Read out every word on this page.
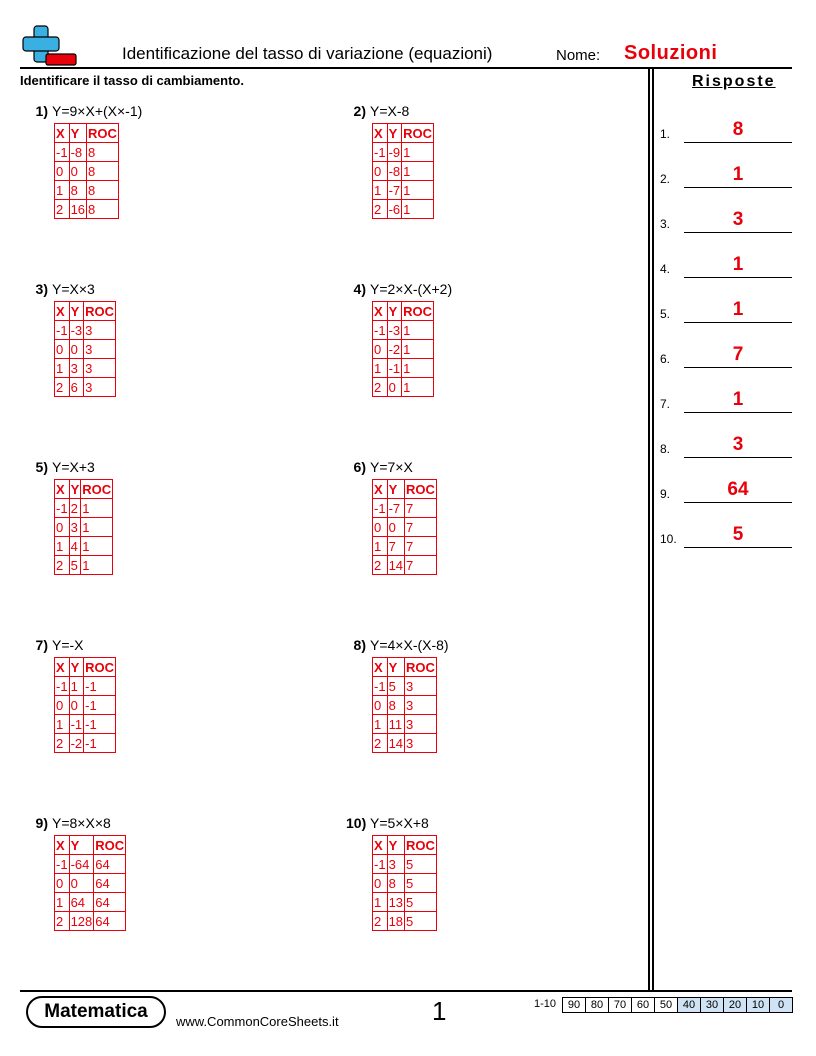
Identificazione del tasso di variazione (equazioni)	Nome: Soluzioni
Identificare il tasso di cambiamento.	Risposte
1.	8
2.	1
3.	3
4.	1
5.	1
6.	7
7.	1
8.	3
9.	64
10.	5
1) Y=9×X+(X×-1)
X	Y	ROC
-1	-8	8
0	0	8
1	8	8
2	16	8
2) Y=X-8
X	Y	ROC
-1	-9	1
0	-8	1
1	-7	1
2	-6	1
3) Y=X×3
X	Y	ROC
-1	-3	3
0	0	3
1	3	3
2	6	3
4) Y=2×X-(X+2)
X	Y	ROC
-1	-3	1
0	-2	1
1	-1	1
2	0	1
5) Y=X+3
X	Y	ROC
-1	2	1
0	3	1
1	4	1
2	5	1
6) Y=7×X
X	Y	ROC
-1	-7	7
0	0	7
1	7	7
2	14	7
7) Y=-X
X	Y	ROC
-1	1	-1
0	0	-1
1	-1	-1
2	-2	-1
8) Y=4×X-(X-8)
X	Y	ROC
-1	5	3
0	8	3
1	11	3
2	14	3
9) Y=8×X×8
X	Y	ROC
-1	-64	64
0	0	64
1	64	64
2	128	64
10) Y=5×X+8
X	Y	ROC
-1	3	5
0	8	5
1	13	5
2	18	5
Matematica	www.CommonCoreSheets.it	1	1-10	90 80 70 60 50 40 30 20 10	0
